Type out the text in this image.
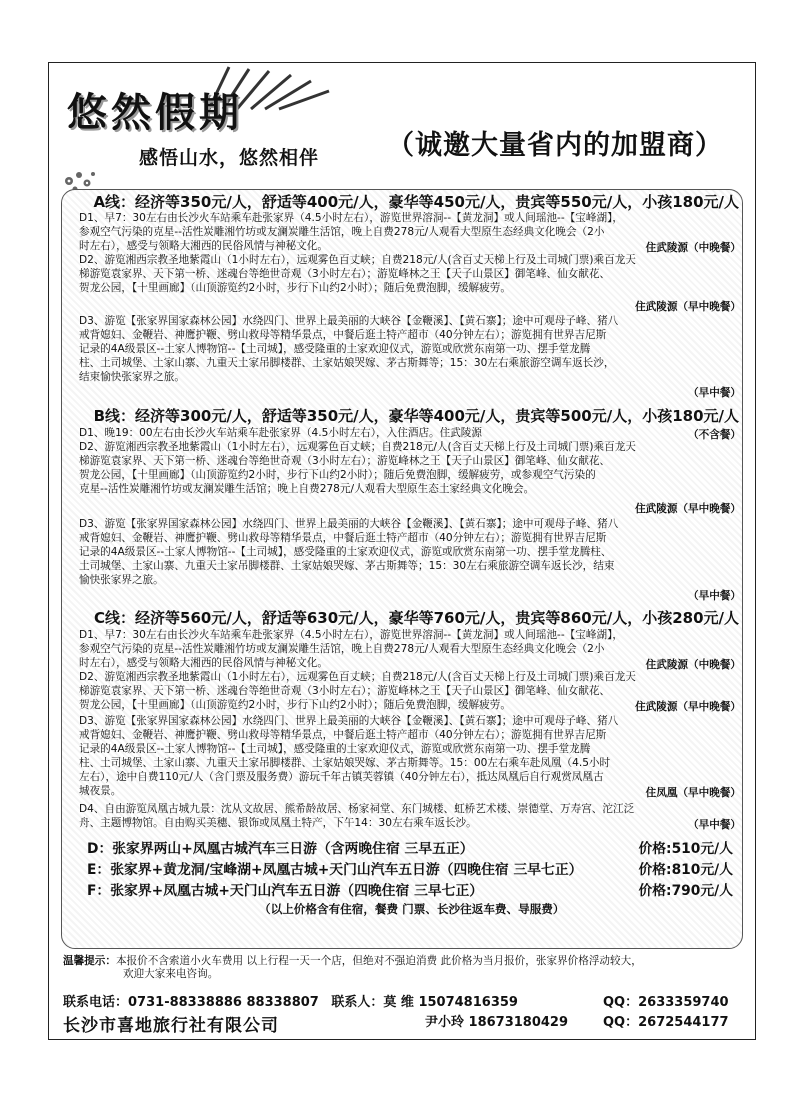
悠然假期
感悟山水，悠然相伴	（诚邀大量省内的加盟商）
A线：经济等350元/人，舒适等400元/人，豪华等450元/人，贵宾等550元/人，小孩180元/人
D1、早7：30左右由长沙火车站乘车赴张家界（4.5小时左右），游览世界溶洞--【黄龙洞】或人间瑶池--【宝峰湖】，
参观空气污染的克星--活性炭雕湘竹坊或友澜炭雕生活馆，晚上自费278元/人观看大型原生态经典文化晚会（2小
时左右），感受与领略大湘西的民俗风情与神秘文化。	住武陵源（中晚餐）
D2、游览湘西宗教圣地紫霞山（1小时左右），远观雾色百丈峡；自费218元/人(含百丈天梯上行及土司城门票)乘百龙天
梯游览袁家界、天下第一桥、迷魂台等绝世奇观（3小时左右）；游览峰林之王【天子山景区】御笔峰、仙女献花、
贺龙公园，【十里画廊】（山顶游览约2小时，步行下山约2小时）；随后免费泡脚，缓解疲劳。
住武陵源（早中晚餐）
D3、游览【张家界国家森林公园】水绕四门、世界上最美丽的大峡谷【金鞭溪】、【黄石寨】；途中可观母子峰、猪八
戒背媳妇、金鞭岩、神鹰护鞭、劈山救母等精华景点，中餐后逛土特产超市（40分钟左右）；游览拥有世界吉尼斯
记录的4A级景区--土家人博物馆--【土司城】，感受隆重的土家欢迎仪式，游览或欣赏东南第一功、摆手堂龙腾
柱、土司城堡、土家山寨、九重天土家吊脚楼群、土家姑娘哭嫁、茅古斯舞等；15：30左右乘旅游空调车返长沙，
结束愉快张家界之旅。
（早中餐）
B线：经济等300元/人，舒适等350元/人，豪华等400元/人，贵宾等500元/人，小孩180元/人
D1、晚19：00左右由长沙火车站乘车赴张家界（4.5小时左右），入住酒店。住武陵源	（不含餐）
D2、游览湘西宗教圣地紫霞山（1小时左右），远观雾色百丈峡；自费218元/人(含百丈天梯上行及土司城门票)乘百龙天
梯游览袁家界、天下第一桥、迷魂台等绝世奇观（3小时左右）；游览峰林之王【天子山景区】御笔峰、仙女献花、
贺龙公园，【十里画廊】（山顶游览约2小时，步行下山约2小时）；随后免费泡脚，缓解疲劳，或参观空气污染的
克星--活性炭雕湘竹坊或友澜炭雕生活馆；晚上自费278元/人观看大型原生态土家经典文化晚会。
住武陵源（早中晚餐）
D3、游览【张家界国家森林公园】水绕四门、世界上最美丽的大峡谷【金鞭溪】、【黄石寨】；途中可观母子峰、猪八
戒背媳妇、金鞭岩、神鹰护鞭、劈山救母等精华景点，中餐后逛土特产超市（40分钟左右）；游览拥有世界吉尼斯
记录的4A级景区--土家人博物馆--【土司城】，感受隆重的土家欢迎仪式，游览或欣赏东南第一功、摆手堂龙腾柱、
土司城堡、土家山寨、九重天土家吊脚楼群、土家姑娘哭嫁、茅古斯舞等；15：30左右乘旅游空调车返长沙，结束
愉快张家界之旅。
（早中餐）
C线：经济等560元/人，舒适等630元/人，豪华等760元/人，贵宾等860元/人，小孩280元/人
D1、早7：30左右由长沙火车站乘车赴张家界（4.5小时左右），游览世界溶洞--【黄龙洞】或人间瑶池--【宝峰湖】，
参观空气污染的克星--活性炭雕湘竹坊或友澜炭雕生活馆，晚上自费278元/人观看大型原生态经典文化晚会（2小
时左右），感受与领略大湘西的民俗风情与神秘文化。	住武陵源（中晚餐）
D2、游览湘西宗教圣地紫霞山（1小时左右），远观雾色百丈峡；自费218元/人(含百丈天梯上行及土司城门票)乘百龙天
梯游览袁家界、天下第一桥、迷魂台等绝世奇观（3小时左右）；游览峰林之王【天子山景区】御笔峰、仙女献花、
贺龙公园，【十里画廊】（山顶游览约2小时，步行下山约2小时）；随后免费泡脚，缓解疲劳。	住武陵源（早中晚餐）
D3、游览【张家界国家森林公园】水绕四门、世界上最美丽的大峡谷【金鞭溪】、【黄石寨】；途中可观母子峰、猪八
戒背媳妇、金鞭岩、神鹰护鞭、劈山救母等精华景点，中餐后逛土特产超市（40分钟左右）；游览拥有世界吉尼斯
记录的4A级景区--土家人博物馆--【土司城】，感受隆重的土家欢迎仪式，游览或欣赏东南第一功、摆手堂龙腾
柱、土司城堡、土家山寨、九重天土家吊脚楼群、土家姑娘哭嫁、茅古斯舞等。15：00左右乘车赴凤凰（4.5小时
左右），途中自费110元/人（含门票及服务费）游玩千年古镇芙蓉镇（40分钟左右），抵达凤凰后自行观赏凤凰古
城夜景。	住凤凰（早中晚餐）
D4、自由游览凤凰古城九景：沈从文故居、熊希龄故居、杨家祠堂、东门城楼、虹桥艺术楼、崇德堂、万寿宫、沱江泛
舟、主题博物馆。自由购买美穗、银饰或凤凰土特产，下午14：30左右乘车返长沙。	（早中餐）
D：张家界两山+凤凰古城汽车三日游（含两晚住宿 三早五正）	价格:510元/人
E：张家界+黄龙洞/宝峰湖+凤凰古城+天门山汽车五日游（四晚住宿 三早七正）	价格:810元/人
F：张家界+凤凰古城+天门山汽车五日游（四晚住宿 三早七正）	价格:790元/人
（以上价格含有住宿，餐费 门票、长沙往返车费、导服费）
温馨提示：本报价不含索道小火车费用 以上行程一天一个店，但绝对不强迫消费 此价格为当月报价，张家界价格浮动较大，
欢迎大家来电咨询。
联系电话：0731-88338886 88338807 联系人：莫 维 15074816359	QQ：2633359740
尹小玲 18673180429	QQ：2672544177
长沙市喜地旅行社有限公司
